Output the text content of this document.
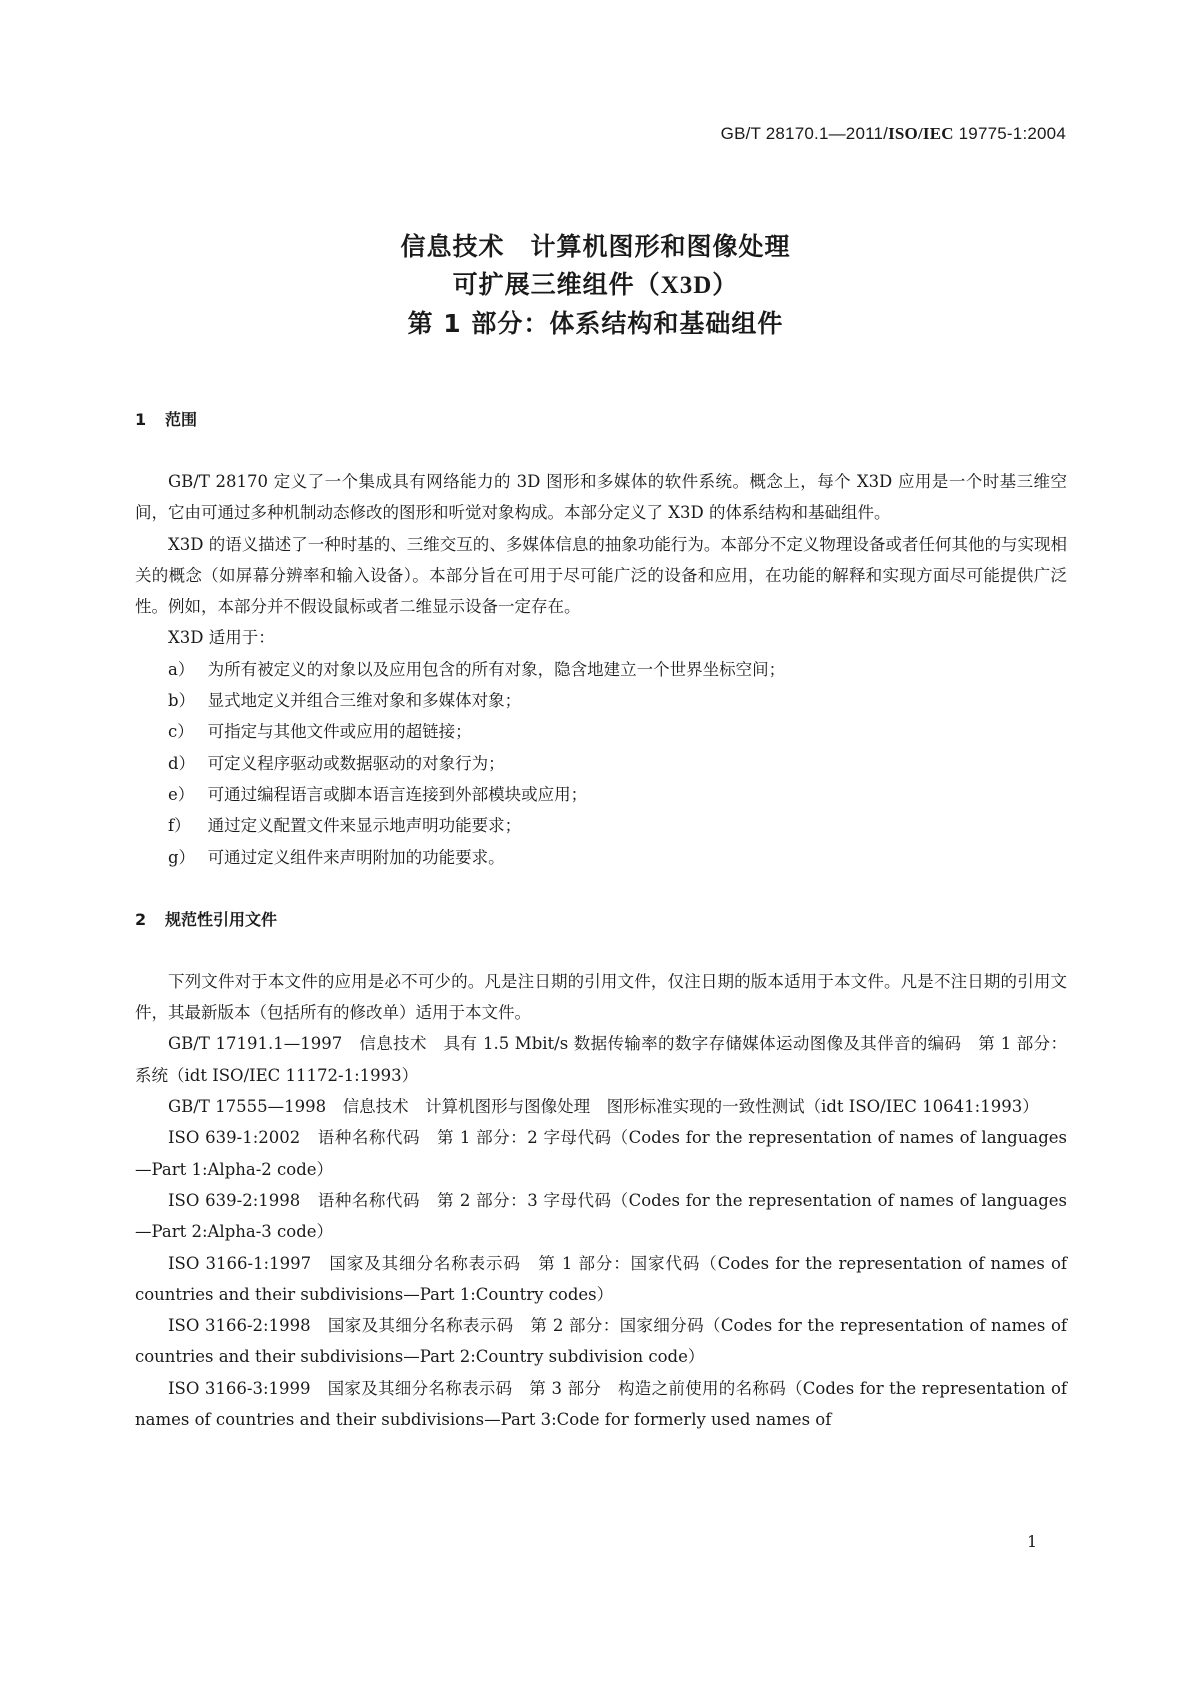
GB/T 28170.1—2011/ISO/IEC 19775-1:2004
信息技术　计算机图形和图像处理
可扩展三维组件（X3D）
第 1 部分：体系结构和基础组件
1 范围

GB/T 28170 定义了一个集成具有网络能力的 3D 图形和多媒体的软件系统。概念上，每个 X3D 应用是一个时基三维空间，它由可通过多种机制动态修改的图形和听觉对象构成。本部分定义了 X3D 的体系结构和基础组件。

X3D 的语义描述了一种时基的、三维交互的、多媒体信息的抽象功能行为。本部分不定义物理设备或者任何其他的与实现相关的概念（如屏幕分辨率和输入设备）。本部分旨在可用于尽可能广泛的设备和应用，在功能的解释和实现方面尽可能提供广泛性。例如，本部分并不假设鼠标或者二维显示设备一定存在。

X3D 适用于：

a） 为所有被定义的对象以及应用包含的所有对象，隐含地建立一个世界坐标空间；
b） 显式地定义并组合三维对象和多媒体对象；
c） 可指定与其他文件或应用的超链接；
d） 可定义程序驱动或数据驱动的对象行为；
e） 可通过编程语言或脚本语言连接到外部模块或应用；
f）	通过定义配置文件来显示地声明功能要求；
g） 可通过定义组件来声明附加的功能要求。
2 规范性引用文件

下列文件对于本文件的应用是必不可少的。凡是注日期的引用文件，仅注日期的版本适用于本文件。凡是不注日期的引用文件，其最新版本（包括所有的修改单）适用于本文件。

GB/T 17191.1—1997　信息技术　具有 1.5 Mbit/s 数据传输率的数字存储媒体运动图像及其伴音的编码　第 1 部分：系统（idt ISO/IEC 11172-1:1993）

GB/T 17555—1998　信息技术　计算机图形与图像处理　图形标准实现的一致性测试（idt ISO/IEC 10641:1993）

ISO 639-1:2002　语种名称代码　第 1 部分：2 字母代码（Codes for the representation of names of languages—Part 1:Alpha-2 code）

ISO 639-2:1998　语种名称代码　第 2 部分：3 字母代码（Codes for the representation of names of languages—Part 2:Alpha-3 code）

ISO 3166-1:1997　国家及其细分名称表示码　第 1 部分：国家代码（Codes for the representation of names of countries and their subdivisions—Part 1:Country codes）

ISO 3166-2:1998　国家及其细分名称表示码　第 2 部分：国家细分码（Codes for the representation of names of countries and their subdivisions—Part 2:Country subdivision code）

ISO 3166-3:1999　国家及其细分名称表示码　第 3 部分　构造之前使用的名称码（Codes for the representation of names of countries and their subdivisions—Part 3:Code for formerly used names of

1
